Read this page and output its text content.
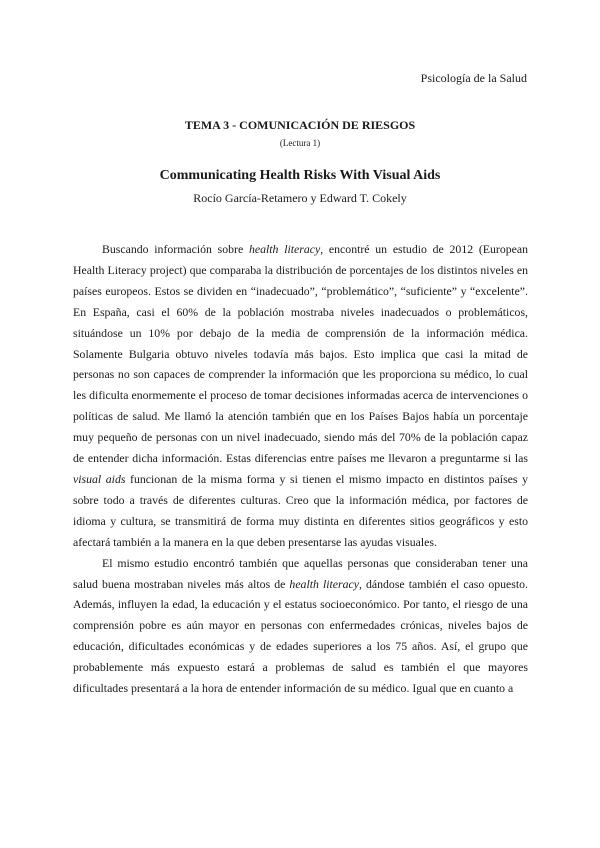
Psicología de la Salud

TEMA 3 - COMUNICACIÓN DE RIESGOS

(Lectura 1)

Communicating Health Risks With Visual Aids

Rocío García-Retamero y Edward T. Cokely

Buscando información sobre health literacy, encontré un estudio de 2012 (European Health Literacy project) que comparaba la distribución de porcentajes de los distintos niveles en países europeos. Estos se dividen en “inadecuado”, “problemático”, “suficiente” y “excelente”. En España, casi el 60% de la población mostraba niveles inadecuados o problemáticos, situándose un 10% por debajo de la media de comprensión de la información médica. Solamente Bulgaria obtuvo niveles todavía más bajos. Esto implica que casi la mitad de personas no son capaces de comprender la información que les proporciona su médico, lo cual les dificulta enormemente el proceso de tomar decisiones informadas acerca de intervenciones o políticas de salud. Me llamó la atención también que en los Países Bajos había un porcentaje muy pequeño de personas con un nivel inadecuado, siendo más del 70% de la población capaz de entender dicha información. Estas diferencias entre países me llevaron a preguntarme si las visual aids funcionan de la misma forma y si tienen el mismo impacto en distintos países y sobre todo a través de diferentes culturas. Creo que la información médica, por factores de idioma y cultura, se transmitirá de forma muy distinta en diferentes sitios geográficos y esto afectará también a la manera en la que deben presentarse las ayudas visuales.

El mismo estudio encontró también que aquellas personas que consideraban tener una salud buena mostraban niveles más altos de health literacy, dándose también el caso opuesto. Además, influyen la edad, la educación y el estatus socioeconómico. Por tanto, el riesgo de una comprensión pobre es aún mayor en personas con enfermedades crónicas, niveles bajos de educación, dificultades económicas y de edades superiores a los 75 años. Así, el grupo que probablemente más expuesto estará a problemas de salud es también el que mayores dificultades presentará a la hora de entender información de su médico. Igual que en cuanto a
